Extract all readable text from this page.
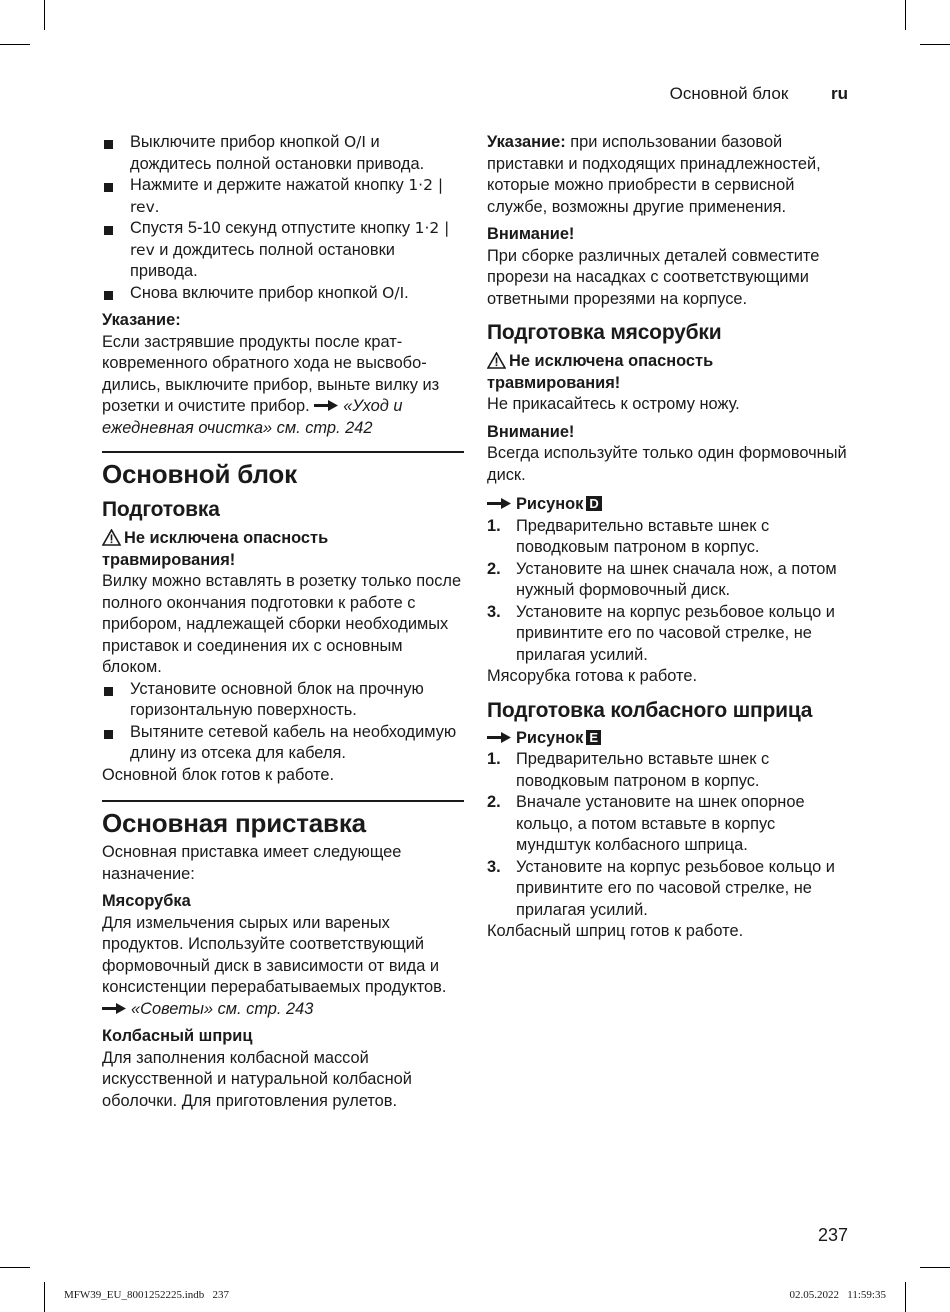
Основной блок	ru
Выключите прибор кнопкой O/I и дождитесь полной остановки привода.
Нажмите и держите нажатой кнопку 1·2 | rev.
Спустя 5-10 секунд отпустите кнопку 1·2 | rev и дождитесь полной остановки привода.
Снова включите прибор кнопкой O/I.

Указание:

Если застрявшие продукты после кратковременного обратного хода не высвободились, выключите прибор, выньте вилку из розетки и очистите прибор. «Уход и ежедневная очистка» см. стр. 242

Основной блок
Подготовка

Не исключена опасность травмирования!

Вилку можно вставлять в розетку только после полного окончания подготовки к работе с прибором, надлежащей сборки необходимых приставок и соединения их с основным блоком.

Установите основной блок на прочную горизонтальную поверхность.
Вытяните сетевой кабель на необходимую длину из отсека для кабеля.

Основной блок готов к работе.

Основная приставка

Основная приставка имеет следующее назначение:

Мясорубка

Для измельчения сырых или вареных продуктов. Используйте соответствующий формовочный диск в зависимости от вида и консистенции перерабатываемых продуктов. «Советы» см. стр. 243

Колбасный шприц

Для заполнения колбасной массой искусственной и натуральной колбасной оболочки. Для приготовления рулетов.

Указание: при использовании базовой приставки и подходящих принадлежностей, которые можно приобрести в сервисной службе, возможны другие применения.

Внимание!

При сборке различных деталей совместите прорези на насадках с соответствующими ответными прорезями на корпусе.

Подготовка мясорубки

Не исключена опасность травмирования!

Не прикасайтесь к острому ножу.

Внимание!

Всегда используйте только один формовочный диск.

Рисунок D

1. Предварительно вставьте шнек с поводковым патроном в корпус.
2. Установите на шнек сначала нож, а потом нужный формовочный диск.
3. Установите на корпус резьбовое кольцо и привинтите его по часовой стрелке, не прилагая усилий.

Мясорубка готова к работе.

Подготовка колбасного шприца

Рисунок E

1. Предварительно вставьте шнек с поводковым патроном в корпус.
2. Вначале установите на шнек опорное кольцо, а потом вставьте в корпус мундштук колбасного шприца.
3. Установите на корпус резьбовое кольцо и привинтите его по часовой стрелке, не прилагая усилий.

Колбасный шприц готов к работе.

237
MFW39_EU_8001252225.indb   237	02.05.2022   11:59:35
